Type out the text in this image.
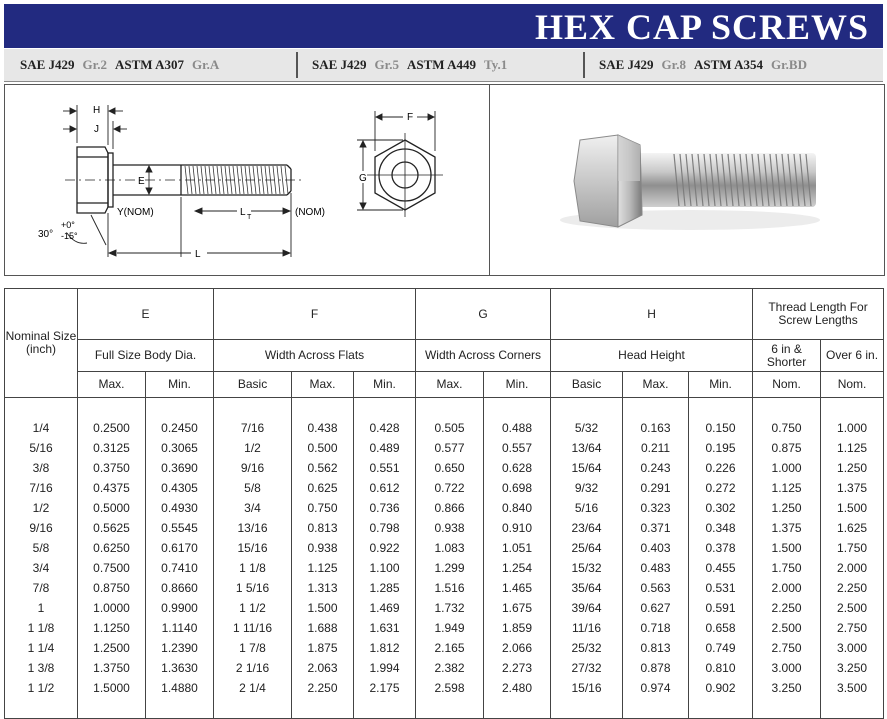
HEX CAP SCREWS
SAE J429 Gr.2 ASTM A307 Gr.A	SAE J429 Gr.5 ASTM A449 Ty.1	SAE J429 Gr.8 ASTM A354 Gr.BD
H
J
E
Y(NOM)	L T	(NOM)
L
30°
+0°
-15°
F
G
Nominal Size (inch)	E		F			G		H			Thread Length For Screw Lengths	
	Full Size Body Dia.		Width Across Flats			Width Across Corners		Head Height			6 in & Shorter	Over 6 in.
	Max.	Min.	Basic	Max.	Min.	Max.	Min.	Basic	Max.	Min.	Nom.	Nom.

1/4	0.2500	0.2450	7/16	0.438	0.428	0.505	0.488	5/32	0.163	0.150	0.750	1.000
5/16	0.3125	0.3065	1/2	0.500	0.489	0.577	0.557	13/64	0.211	0.195	0.875	1.125
3/8	0.3750	0.3690	9/16	0.562	0.551	0.650	0.628	15/64	0.243	0.226	1.000	1.250
7/16	0.4375	0.4305	5/8	0.625	0.612	0.722	0.698	9/32	0.291	0.272	1.125	1.375
1/2	0.5000	0.4930	3/4	0.750	0.736	0.866	0.840	5/16	0.323	0.302	1.250	1.500
9/16	0.5625	0.5545	13/16	0.813	0.798	0.938	0.910	23/64	0.371	0.348	1.375	1.625
5/8	0.6250	0.6170	15/16	0.938	0.922	1.083	1.051	25/64	0.403	0.378	1.500	1.750
3/4	0.7500	0.7410	1 1/8	1.125	1.100	1.299	1.254	15/32	0.483	0.455	1.750	2.000
7/8	0.8750	0.8660	1 5/16	1.313	1.285	1.516	1.465	35/64	0.563	0.531	2.000	2.250
1	1.0000	0.9900	1 1/2	1.500	1.469	1.732	1.675	39/64	0.627	0.591	2.250	2.500
1 1/8	1.1250	1.1140	1 11/16	1.688	1.631	1.949	1.859	11/16	0.718	0.658	2.500	2.750
1 1/4	1.2500	1.2390	1 7/8	1.875	1.812	2.165	2.066	25/32	0.813	0.749	2.750	3.000
1 3/8	1.3750	1.3630	2 1/16	2.063	1.994	2.382	2.273	27/32	0.878	0.810	3.000	3.250
1 1/2	1.5000	1.4880	2 1/4	2.250	2.175	2.598	2.480	15/16	0.974	0.902	3.250	3.500
